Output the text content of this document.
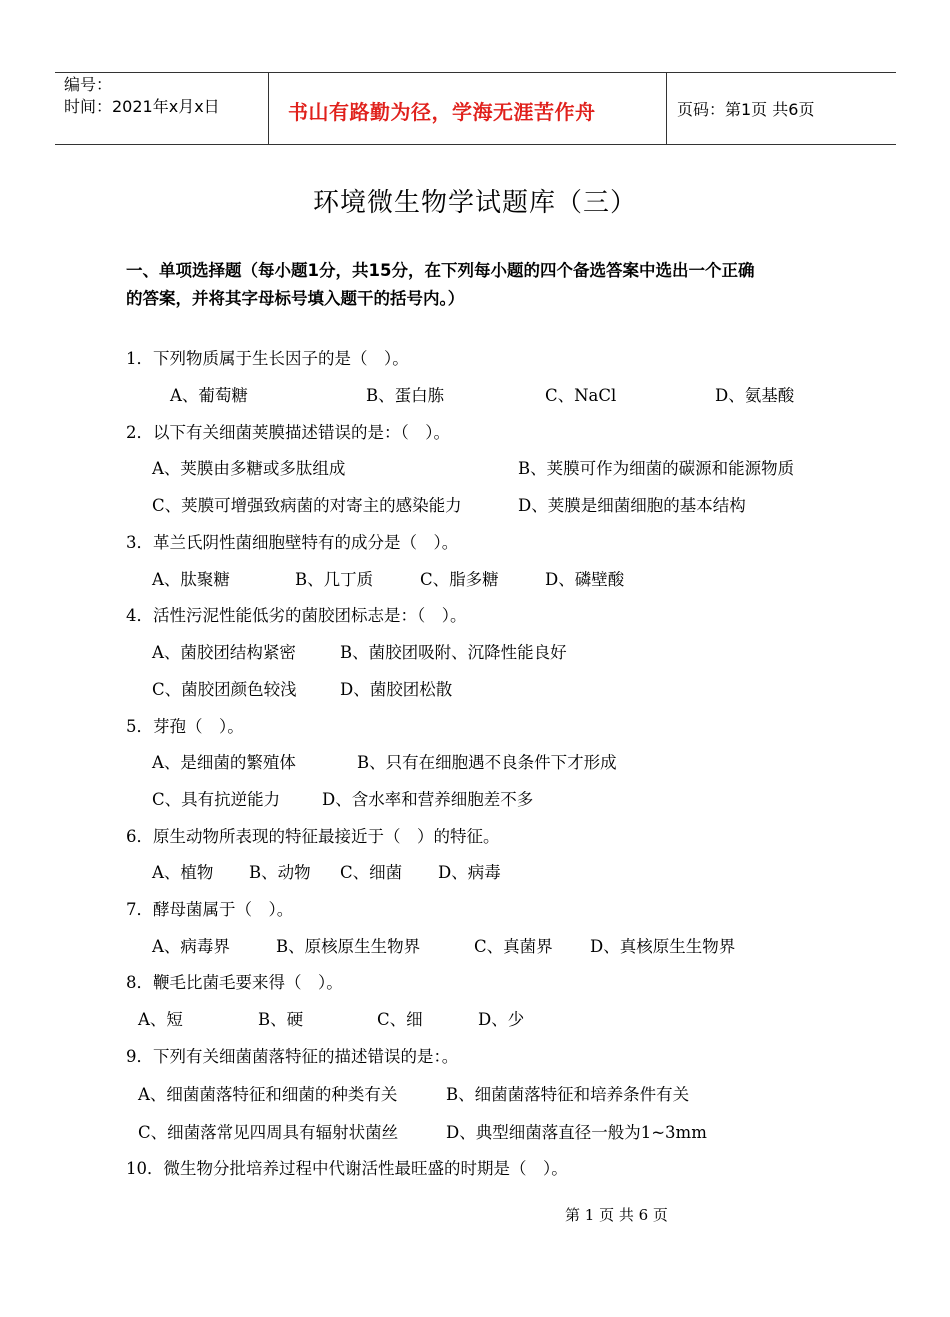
编号：
时间：2021年x月x日	书山有路勤为径，学海无涯苦作舟	页码：第1页 共6页
环境微生物学试题库（三）
一、单项选择题（每小题1分，共15分，在下列每小题的四个备选答案中选出一个正确
的答案，并将其字母标号填入题干的括号内。）
1．下列物质属于生长因子的是（　）。
A、葡萄糖	B、蛋白胨	C、NaCl	D、氨基酸
2．以下有关细菌荚膜描述错误的是：（　）。
A、荚膜由多糖或多肽组成	B、荚膜可作为细菌的碳源和能源物质
C、荚膜可增强致病菌的对寄主的感染能力	D、荚膜是细菌细胞的基本结构
3．革兰氏阴性菌细胞壁特有的成分是（　）。
A、肽聚糖	B、几丁质	C、脂多糖	D、磷壁酸
4．活性污泥性能低劣的菌胶团标志是：（　）。
A、菌胶团结构紧密	B、菌胶团吸附、沉降性能良好
C、菌胶团颜色较浅	D、菌胶团松散
5．芽孢（　）。
A、是细菌的繁殖体	B、只有在细胞遇不良条件下才形成
C、具有抗逆能力	D、含水率和营养细胞差不多
6．原生动物所表现的特征最接近于（　）的特征。
A、植物 B、动物 C、细菌 D、病毒
7．酵母菌属于（　）。
A、病毒界	B、原核原生生物界	C、真菌界 D、真核原生生物界
8．鞭毛比菌毛要来得（　）。
A、短	B、硬	C、细	D、少
9．下列有关细菌菌落特征的描述错误的是：。
A、细菌菌落特征和细菌的种类有关	B、细菌菌落特征和培养条件有关
C、细菌落常见四周具有辐射状菌丝	D、典型细菌落直径一般为1~3mm
10．微生物分批培养过程中代谢活性最旺盛的时期是（　）。
第 1 页 共 6 页
